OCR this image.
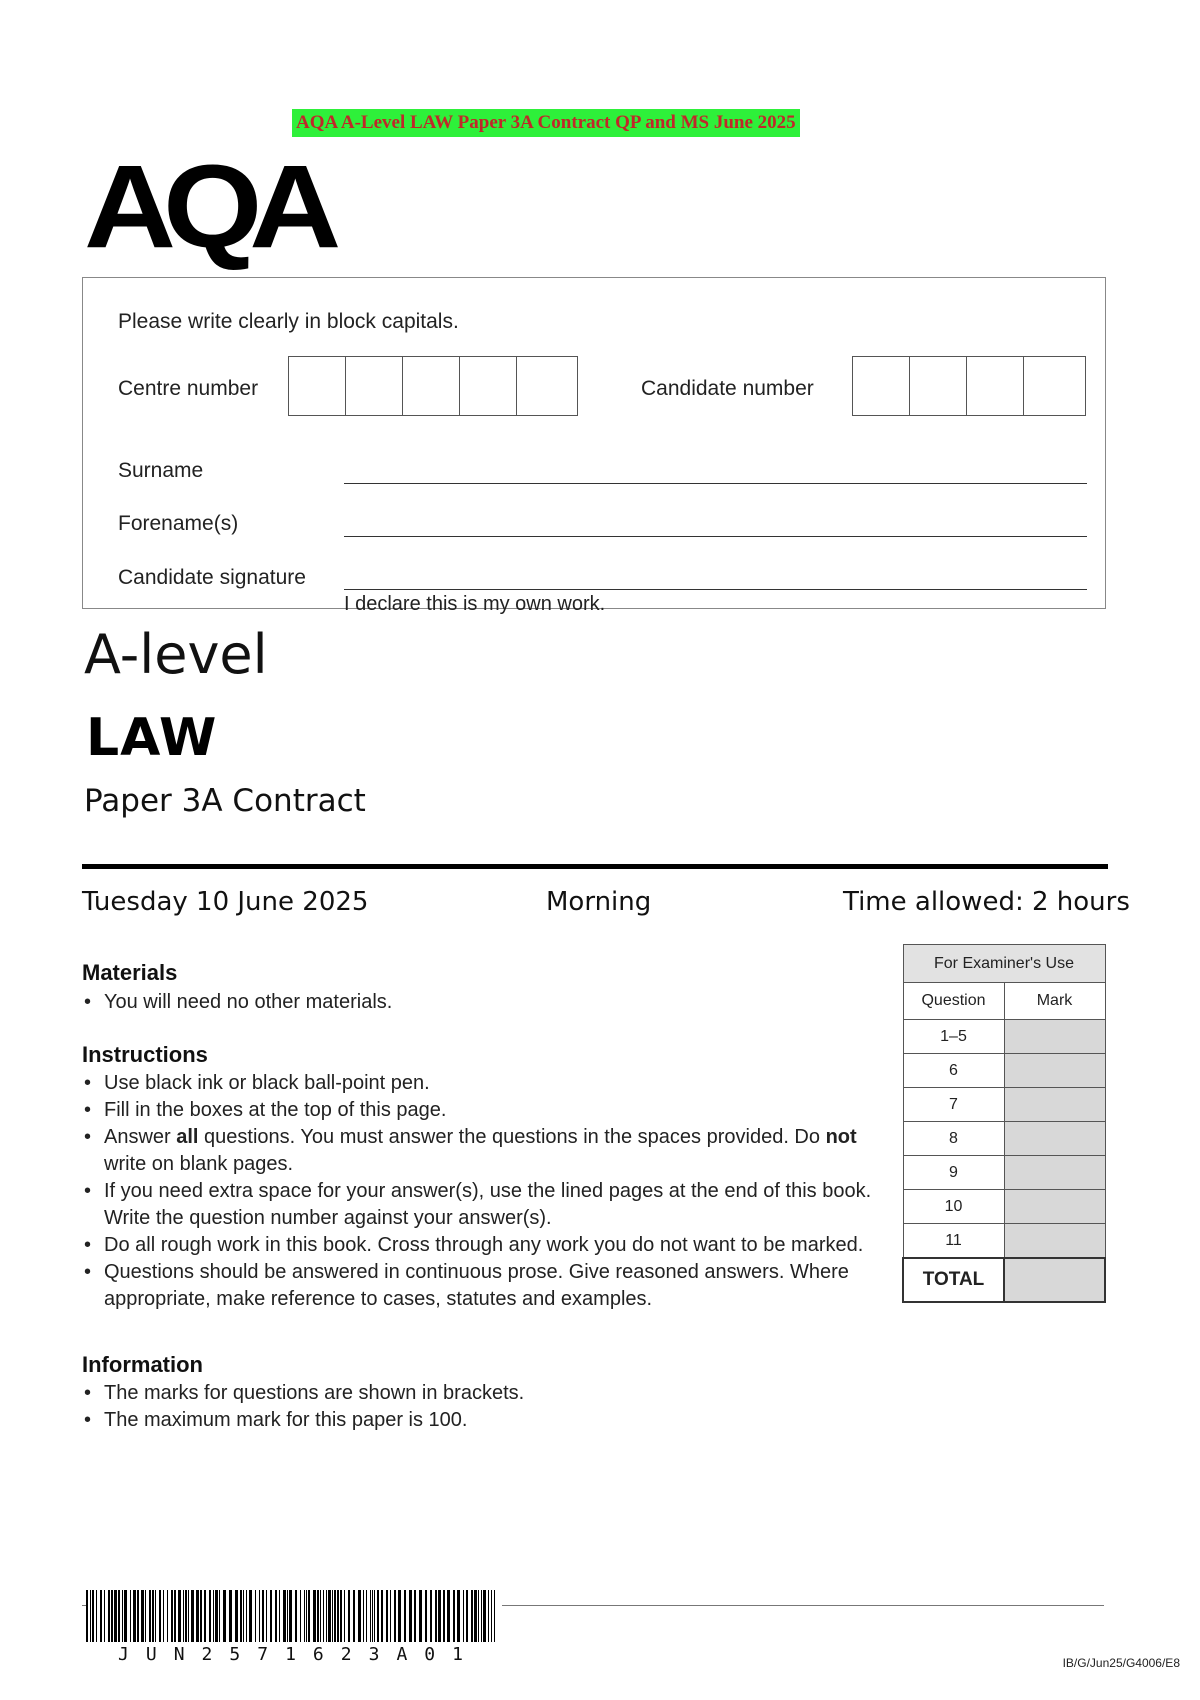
AQA A-Level LAW Paper 3A Contract QP and MS June 2025
AQA
Please write clearly in block capitals.
Centre number	Candidate number
Surname
Forename(s)
Candidate signature
I declare this is my own work.
A-level
LAW
Paper 3A Contract
Tuesday 10 June 2025	Morning	Time allowed: 2 hours
Materials
• You will need no other materials.
Instructions
• Use black ink or black ball-point pen.
• Fill in the boxes at the top of this page.
• Answer all questions. You must answer the questions in the spaces provided. Do not write on blank pages.
• If you need extra space for your answer(s), use the lined pages at the end of this book. Write the question number against your answer(s).
• Do all rough work in this book. Cross through any work you do not want to be marked.
• Questions should be answered in continuous prose. Give reasoned answers. Where appropriate, make reference to cases, statutes and examples.
Information
• The marks for questions are shown in brackets.
• The maximum mark for this paper is 100.
For Examiner's Use	
Question	Mark
1–5	
6	
7	
8	
9	
10	
11	
TOTAL	
J U N 2 5 7 1 6 2 3 A 0 1	IB/G/Jun25/G4006/E8
